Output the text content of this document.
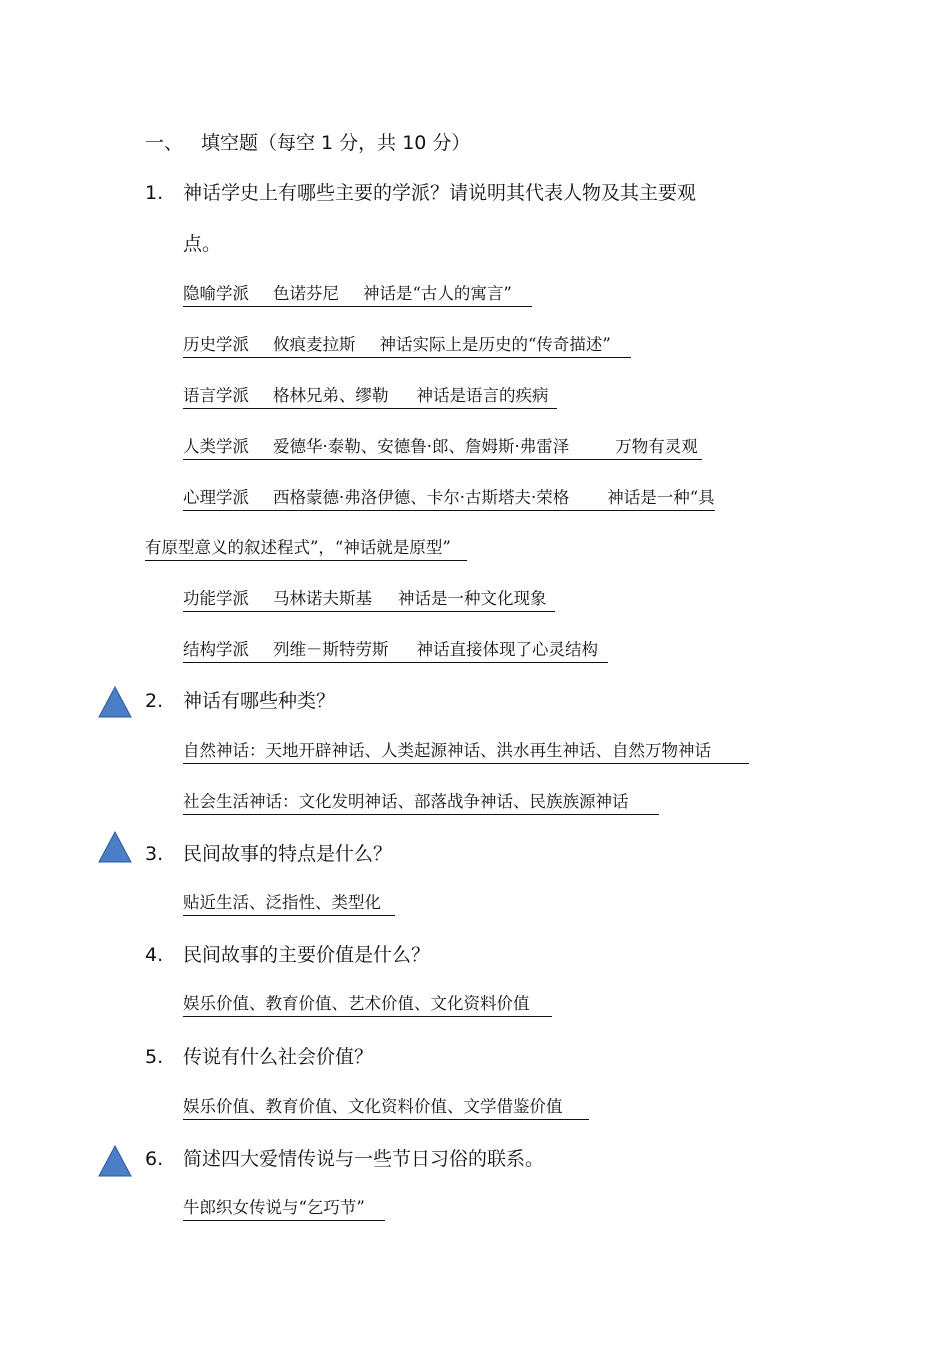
一、 填空题（每空 1 分，共 10 分）
1.	神话学史上有哪些主要的学派？请说明其代表人物及其主要观
点。
隐喻学派 色诺芬尼 神话是“古人的寓言”
历史学派 攸痕麦拉斯 神话实际上是历史的“传奇描述”
语言学派 格林兄弟、缪勒 神话是语言的疾病
人类学派 爱德华·泰勒、安德鲁·郎、詹姆斯·弗雷泽	万物有灵观
心理学派 西格蒙德·弗洛伊德、卡尔·古斯塔夫·荣格 神话是一种“具
有原型意义的叙述程式”，“神话就是原型”
功能学派 马林诺夫斯基 神话是一种文化现象
结构学派 列维－斯特劳斯 神话直接体现了心灵结构
2.	神话有哪些种类？
自然神话：天地开辟神话、人类起源神话、洪水再生神话、自然万物神话
社会生活神话：文化发明神话、部落战争神话、民族族源神话
3.	民间故事的特点是什么？
贴近生活、泛指性、类型化
4.	民间故事的主要价值是什么？
娱乐价值、教育价值、艺术价值、文化资料价值
5.	传说有什么社会价值？
娱乐价值、教育价值、文化资料价值、文学借鉴价值
6.	简述四大爱情传说与一些节日习俗的联系。
牛郎织女传说与“乞巧节”
